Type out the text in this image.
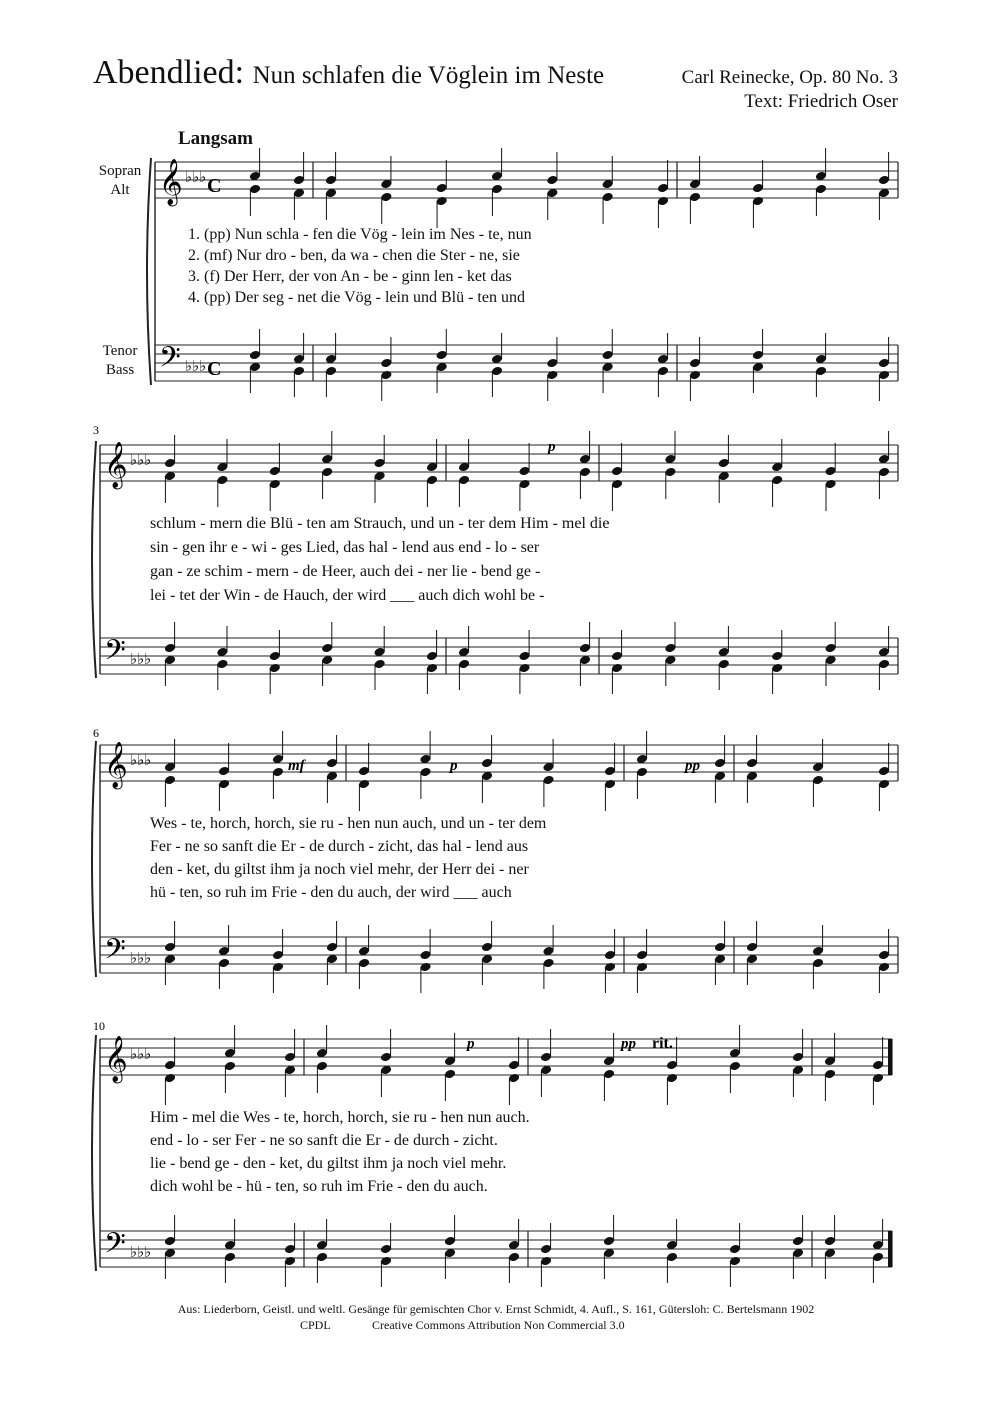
Abendlied: Nun schlafen die Vöglein im Neste	Carl Reinecke, Op. 80 No. 3
Text: Friedrich Oser
Langsam
Sopran
Alt
Tenor
Bass
𝄞
𝄢
♭♭♭
♭♭♭
C
C
𝄞
𝄢
♭♭♭
♭♭♭
𝄞
𝄢
♭♭♭
♭♭♭
𝄞
𝄢
♭♭♭
♭♭♭
3
6
10
p
mf	p	pp
p	pp rit.
1. (pp) Nun schla - fen die Vög - lein im Nes - te, nun
2. (mf) Nur dro - ben, da wa - chen die Ster - ne, sie
3. (f) Der Herr, der von An - be - ginn len - ket das
4. (pp) Der seg - net die Vög - lein und Blü - ten und
schlum - mern die Blü - ten am Strauch, und un - ter dem Him - mel die
sin - gen ihr e - wi - ges Lied, das hal - lend aus end - lo - ser
gan - ze schim - mern - de Heer, auch dei - ner lie - bend ge -
lei - tet der Win - de Hauch, der wird ___ auch dich wohl be -
Wes - te, horch, horch, sie ru - hen nun auch, und un - ter dem
Fer - ne so sanft die Er - de durch - zicht, das hal - lend aus
den - ket, du giltst ihm ja noch viel mehr, der Herr dei - ner
hü - ten, so ruh im Frie - den du auch, der wird ___ auch
Him - mel die Wes - te, horch, horch, sie ru - hen nun auch.
end - lo - ser Fer - ne so sanft die Er - de durch - zicht.
lie - bend ge - den - ket, du giltst ihm ja noch viel mehr.
dich wohl be - hü - ten, so ruh im Frie - den du auch.
Aus: Liederborn, Geistl. und weltl. Gesänge für gemischten Chor v. Ernst Schmidt, 4. Aufl., S. 161, Gütersloh: C. Bertelsmann 1902
CPDL	Creative Commons Attribution Non Commercial 3.0
